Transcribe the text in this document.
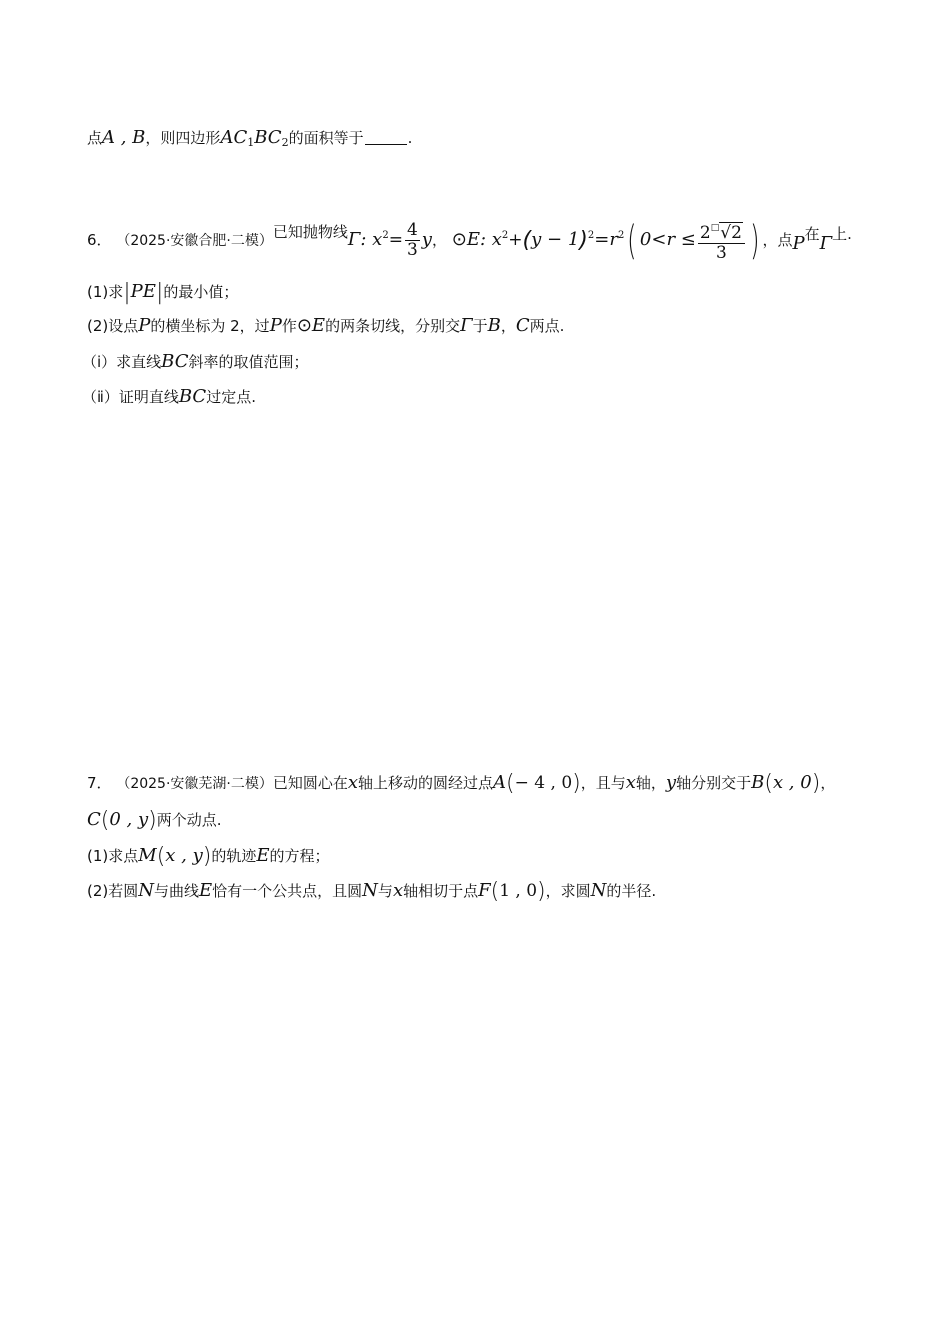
点A , B，则四边形$AC_1BC_2$的面积等于	.
6． （2025·安徽合肥·二模）已知抛物线Γ: $x^2= \frac{4}{3}$ y， ⊙E: $x^2+(y - 1)^2=r^2$( $0<r \le \frac{2^□√2}{3}$ ) ，点P在Γ上.
(1)求|PE|的最小值；
(2)设点P的横坐标为 2，过P作⊙E的两条切线，分别交Γ于B，C两点.
（ⅰ）求直线BC斜率的取值范围；
（ⅱ）证明直线BC过定点.
7． （2025·安徽芜湖·二模）已知圆心在x轴上移动的圆经过点A(− 4 , 0)，且与x轴，y轴分别交于B(x , 0)，
C(0 , y)两个动点.
(1)求点M(x , y)的轨迹E的方程；
(2)若圆N与曲线E恰有一个公共点，且圆N与x轴相切于点F(1 , 0)，求圆N的半径.
